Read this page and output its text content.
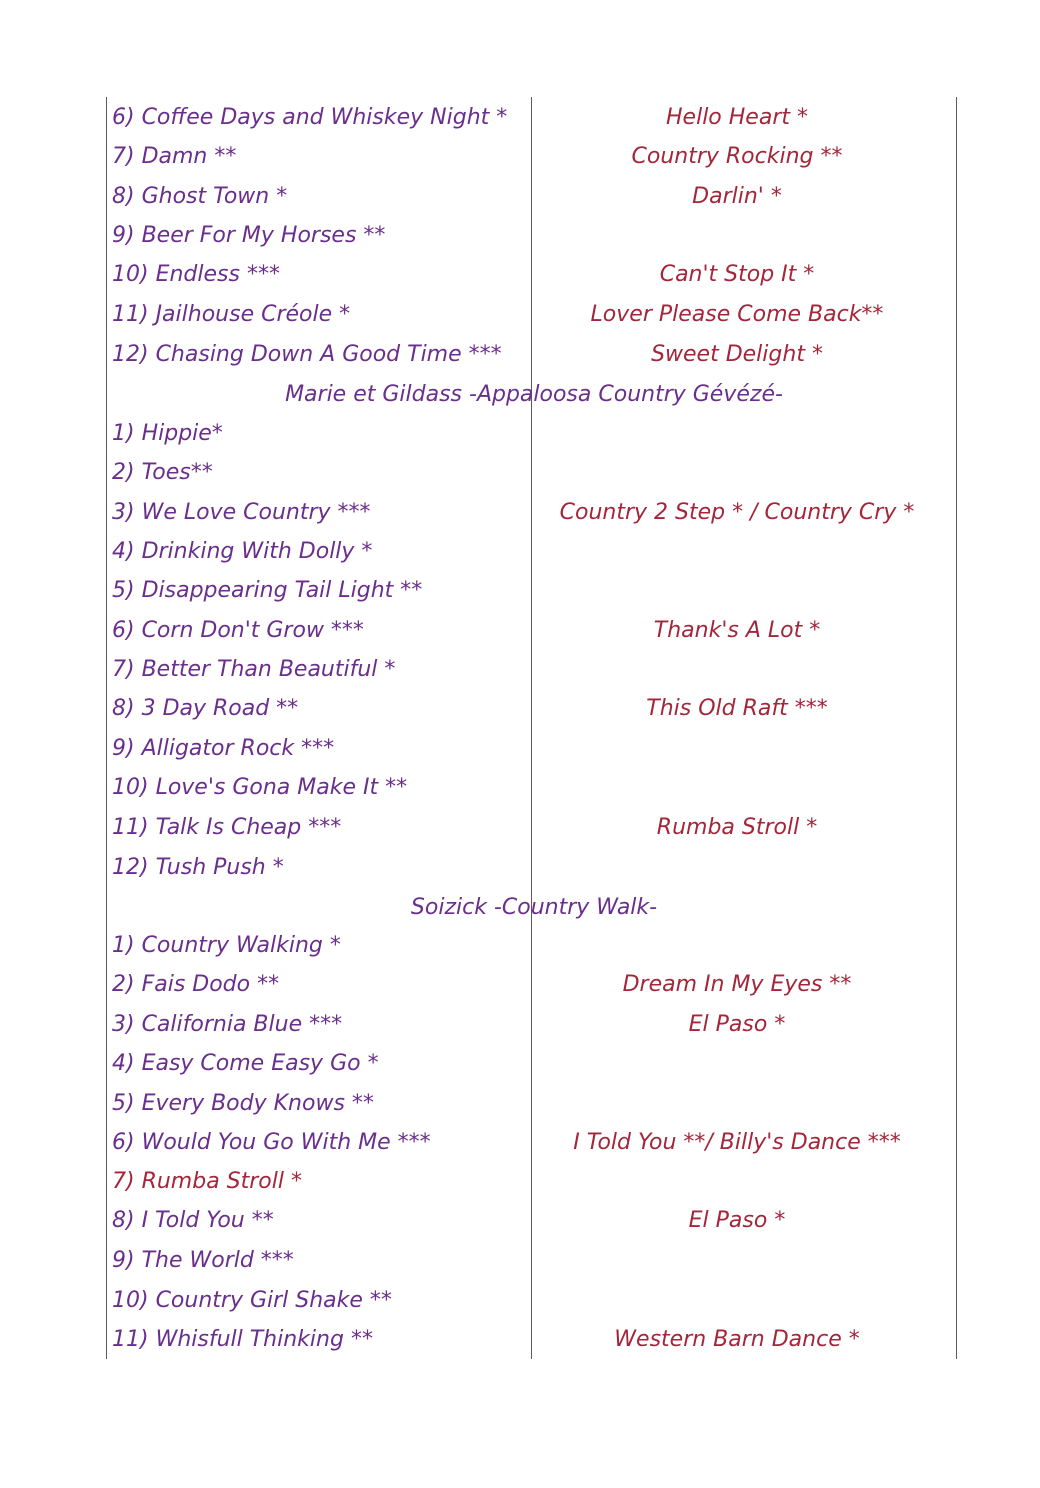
6) Coffee Days and Whiskey Night *	Hello Heart *
7) Damn **	Country Rocking **
8) Ghost Town *	Darlin' *
9) Beer For My Horses **
10) Endless ***	Can't Stop It *
11) Jailhouse Créole *	Lover Please Come Back**
12) Chasing Down A Good Time ***	Sweet Delight *
Marie et Gildass -Appaloosa Country Gévézé-
1) Hippie*
2) Toes**
3) We Love Country ***	Country 2 Step * / Country Cry *
4) Drinking With Dolly *
5) Disappearing Tail Light **
6) Corn Don't Grow ***	Thank's A Lot *
7) Better Than Beautiful *
8) 3 Day Road **	This Old Raft ***
9) Alligator Rock ***
10) Love's Gona Make It **
11) Talk Is Cheap ***	Rumba Stroll *
12) Tush Push *
Soizick -Country Walk-
1) Country Walking *
2) Fais Dodo **	Dream In My Eyes **
3) California Blue ***	El Paso *
4) Easy Come Easy Go *
5) Every Body Knows **
6) Would You Go With Me ***	I Told You **/ Billy's Dance ***
7) Rumba Stroll *
8) I Told You **	El Paso *
9) The World ***
10) Country Girl Shake **
11) Whisfull Thinking **	Western Barn Dance *
